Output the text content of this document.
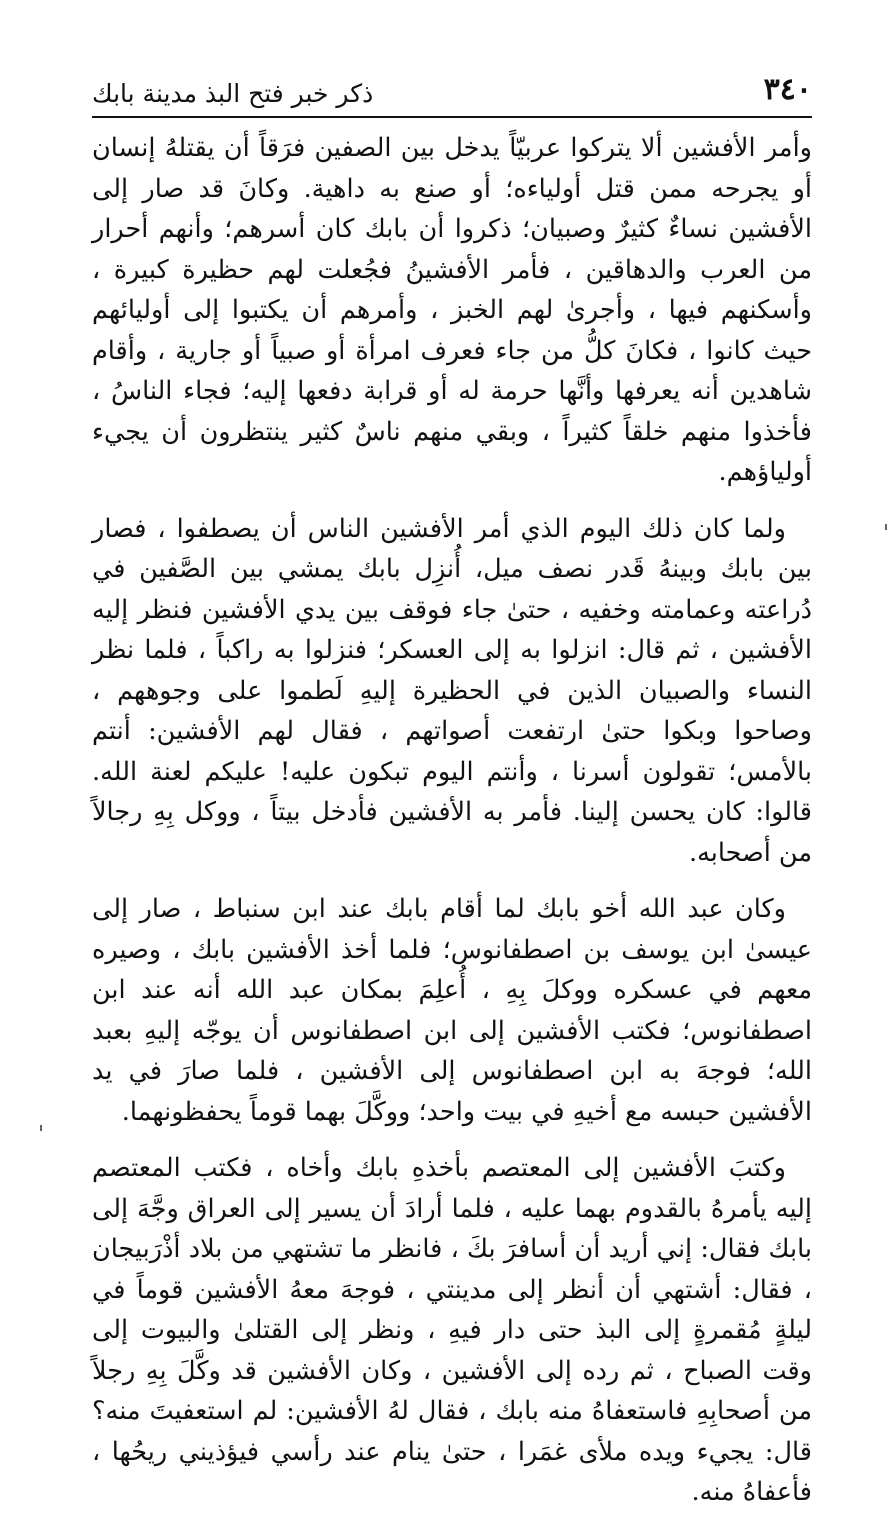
٣٤٠
ذكر خبر فتح البذ مدينة بابك

وأمر الأفشين ألا يتركوا عربيّاً يدخل بين الصفين فرَقاً أن يقتلهُ إنسان أو يجرحه ممن قتل أولياءه؛ أو صنع به داهية. وكانَ قد صار إلى الأفشين نساءٌ كثيرٌ وصبيان؛ ذكروا أن بابك كان أسرهم؛ وأنهم أحرار من العرب والدهاقين ، فأمر الأفشينُ فجُعلت لهم حظيرة كبيرة ، وأسكنهم فيها ، وأجرىٰ لهم الخبز ، وأمرهم أن يكتبوا إلى أوليائهم حيث كانوا ، فكانَ كلُّ من جاء فعرف امرأة أو صبياً أو جارية ، وأقام شاهدين أنه يعرفها وأنَّها حرمة له أو قرابة دفعها إليه؛ فجاء الناسُ ، فأخذوا منهم خلقاً كثيراً ، وبقي منهم ناسٌ كثير ينتظرون أن يجيء أولياؤهم.

ولما كان ذلك اليوم الذي أمر الأفشين الناس أن يصطفوا ، فصار بين بابك وبينهُ قَدر نصف ميل، أُنزِل بابك يمشي بين الصَّفين في دُراعته وعمامته وخفيه ، حتىٰ جاء فوقف بين يدي الأفشين فنظر إليه الأفشين ، ثم قال: انزلوا به إلى العسكر؛ فنزلوا به راكباً ، فلما نظر النساء والصبيان الذين في الحظيرة إليهِ لَطموا على وجوههم ، وصاحوا وبكوا حتىٰ ارتفعت أصواتهم ، فقال لهم الأفشين: أنتم بالأمس؛ تقولون أسرنا ، وأنتم اليوم تبكون عليه! عليكم لعنة الله. قالوا: كان يحسن إلينا. فأمر به الأفشين فأدخل بيتاً ، ووكل بِهِ رجالاً من أصحابه.

وكان عبد الله أخو بابك لما أقام بابك عند ابن سنباط ، صار إلى عيسىٰ ابن يوسف بن اصطفانوس؛ فلما أخذ الأفشين بابك ، وصيره معهم في عسكره ووكلَ بِهِ ، أُعلِمَ بمكان عبد الله أنه عند ابن اصطفانوس؛ فكتب الأفشين إلى ابن اصطفانوس أن يوجّه إليهِ بعبد الله؛ فوجهَ به ابن اصطفانوس إلى الأفشين ، فلما صارَ في يد الأفشين حبسه مع أخيهِ في بيت واحد؛ ووكَّلَ بهما قوماً يحفظونهما.

وكتبَ الأفشين إلى المعتصم بأخذهِ بابك وأخاه ، فكتب المعتصم إليه يأمرهُ بالقدوم بهما عليه ، فلما أرادَ أن يسير إلى العراق وجَّهَ إلى بابك فقال: إني أريد أن أسافرَ بكَ ، فانظر ما تشتهي من بلاد أذْرَبيجان ، فقال: أشتهي أن أنظر إلى مدينتي ، فوجهَ معهُ الأفشين قوماً في ليلةٍ مُقمرةٍ إلى البذ حتى دار فيهِ ، ونظر إلى القتلىٰ والبيوت إلى وقت الصباح ، ثم رده إلى الأفشين ، وكان الأفشين قد وكَّلَ بِهِ رجلاً من أصحابِهِ فاستعفاهُ منه بابك ، فقال لهُ الأفشين: لم استعفيتَ منه؟ قال: يجيء ويده ملأى غمَرا ، حتىٰ ينام عند رأسي فيؤذيني ريحُها ، فأعفاهُ منه.
